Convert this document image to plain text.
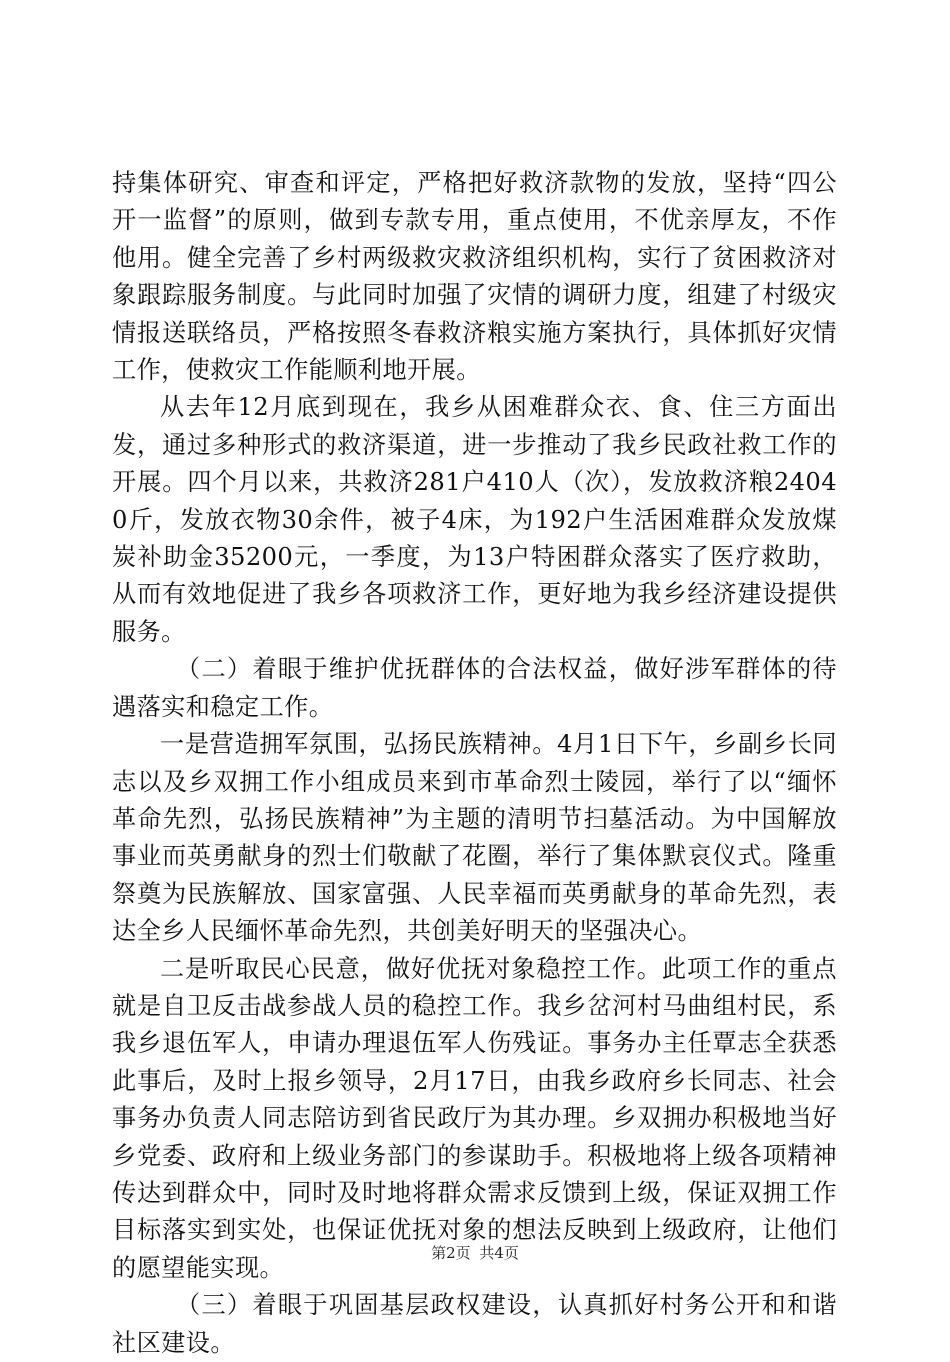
持集体研究、审查和评定，严格把好救济款物的发放，坚持“四公开一监督”的原则，做到专款专用，重点使用，不优亲厚友，不作他用。健全完善了乡村两级救灾救济组织机构，实行了贫困救济对象跟踪服务制度。与此同时加强了灾情的调研力度，组建了村级灾情报送联络员，严格按照冬春救济粮实施方案执行，具体抓好灾情工作，使救灾工作能顺利地开展。

从去年12月底到现在，我乡从困难群众衣、食、住三方面出发，通过多种形式的救济渠道，进一步推动了我乡民政社救工作的开展。四个月以来，共救济281户410人（次），发放救济粮24040斤，发放衣物30余件，被子4床，为192户生活困难群众发放煤炭补助金35200元，一季度，为13户特困群众落实了医疗救助，从而有效地促进了我乡各项救济工作，更好地为我乡经济建设提供服务。

（二）着眼于维护优抚群体的合法权益，做好涉军群体的待遇落实和稳定工作。

一是营造拥军氛围，弘扬民族精神。4月1日下午，乡副乡长同志以及乡双拥工作小组成员来到市革命烈士陵园，举行了以“缅怀革命先烈，弘扬民族精神”为主题的清明节扫墓活动。为中国解放事业而英勇献身的烈士们敬献了花圈，举行了集体默哀仪式。隆重祭奠为民族解放、国家富强、人民幸福而英勇献身的革命先烈，表达全乡人民缅怀革命先烈，共创美好明天的坚强决心。

二是听取民心民意，做好优抚对象稳控工作。此项工作的重点就是自卫反击战参战人员的稳控工作。我乡岔河村马曲组村民，系我乡退伍军人，申请办理退伍军人伤残证。事务办主任覃志全获悉此事后，及时上报乡领导，2月17日，由我乡政府乡长同志、社会事务办负责人同志陪访到省民政厅为其办理。乡双拥办积极地当好乡党委、政府和上级业务部门的参谋助手。积极地将上级各项精神传达到群众中，同时及时地将群众需求反馈到上级，保证双拥工作目标落实到实处，也保证优抚对象的想法反映到上级政府，让他们的愿望能实现。

（三）着眼于巩固基层政权建设，认真抓好村务公开和和谐社区建设。

第2页 共4页
